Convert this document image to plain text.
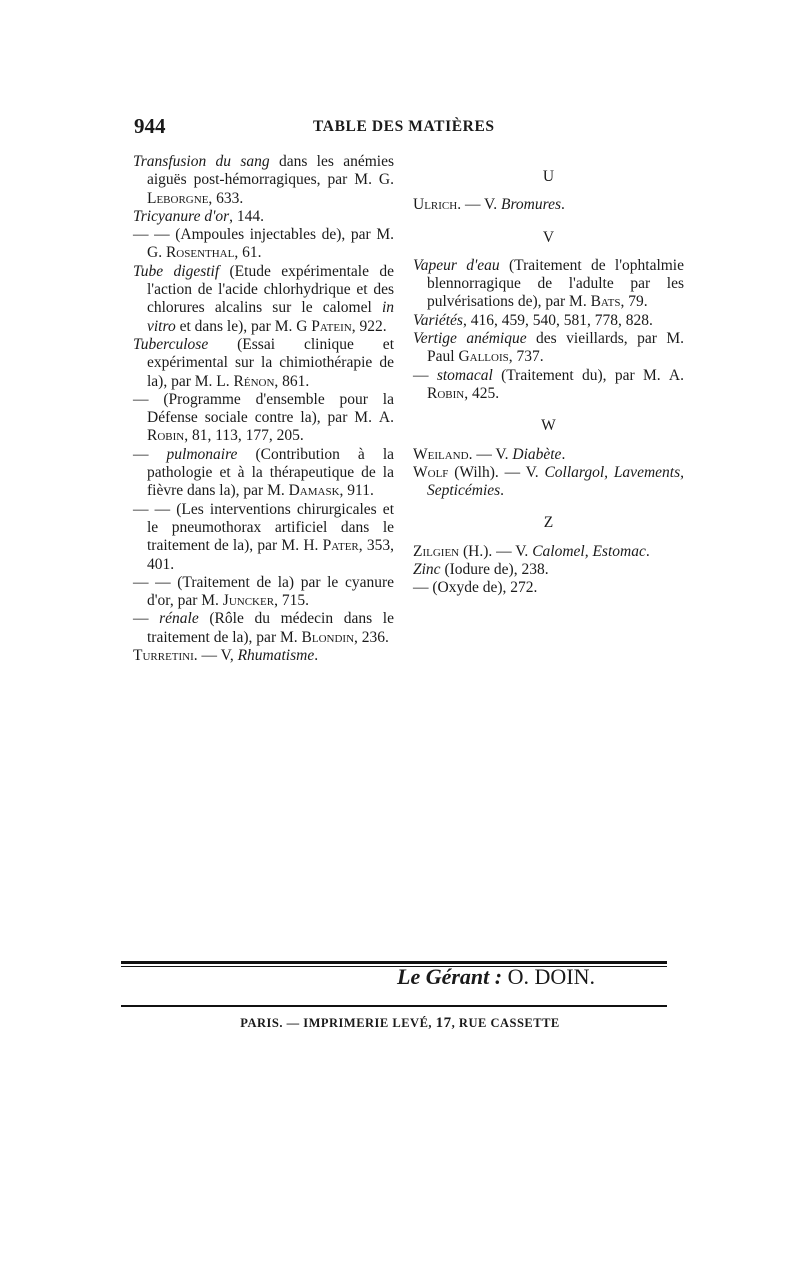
944	TABLE DES MATIÈRES

Transfusion du sang dans les anémies aiguës post-hémorragiques, par M. G. Leborgne, 633.

Tricyanure d'or, 144.

— — (Ampoules injectables de), par M. G. Rosenthal, 61.

Tube digestif (Etude expérimentale de l'action de l'acide chlorhydrique et des chlorures alcalins sur le calomel in vitro et dans le), par M. G Patein, 922.

Tuberculose (Essai clinique et expérimental sur la chimiothérapie de la), par M. L. Rénon, 861.

— (Programme d'ensemble pour la Défense sociale contre la), par M. A. Robin, 81, 113, 177, 205.

— pulmonaire (Contribution à la pathologie et à la thérapeutique de la fièvre dans la), par M. Damask, 911.

— — (Les interventions chirurgicales et le pneumothorax artificiel dans le traitement de la), par M. H. Pater, 353, 401.

— — (Traitement de la) par le cyanure d'or, par M. Juncker, 715.

— rénale (Rôle du médecin dans le traitement de la), par M. Blondin, 236.

Turretini. — V, Rhumatisme.

U

Ulrich. — V. Bromures.

V

Vapeur d'eau (Traitement de l'ophtalmie blennorragique de l'adulte par les pulvérisations de), par M. Bats, 79.

Variétés, 416, 459, 540, 581, 778, 828.

Vertige anémique des vieillards, par M. Paul Gallois, 737.

— stomacal (Traitement du), par M. A. Robin, 425.

W

Weiland. — V. Diabète.

Wolf (Wilh). — V. Collargol, Lavements, Septicémies.

Z

Zilgien (H.). — V. Calomel, Estomac.

Zinc (Iodure de), 238.

— (Oxyde de), 272.

Le Gérant : O. DOIN.
PARIS. — IMPRIMERIE LEVÉ, 17, RUE CASSETTE
